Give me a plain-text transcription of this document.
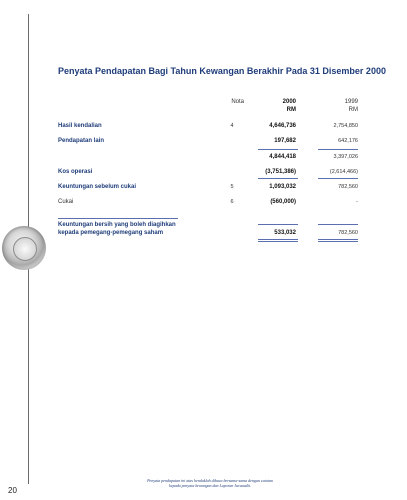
Penyata Pendapatan Bagi Tahun Kewangan Berakhir Pada 31 Disember 2000
Nota	2000
RM
1999
RM
Hasil kendalian	4	4,646,736	2,754,850
Pendapatan lain	197,682	642,176
4,844,418	3,397,026
Kos operasi	(3,751,386)	(2,614,466)
Keuntungan sebelum cukai	5	1,093,032	782,560
Cukai	6	(560,000)	-
Keuntungan bersih yang boleh diagihkan
kepada pemegang-pemegang saham	533,032	782,560
Penyata pendapatan ini atas hendaklah dibaca bersama-sama dengan catatan
kepada penyata kewangan dan Laporan Juruaudit.
20
